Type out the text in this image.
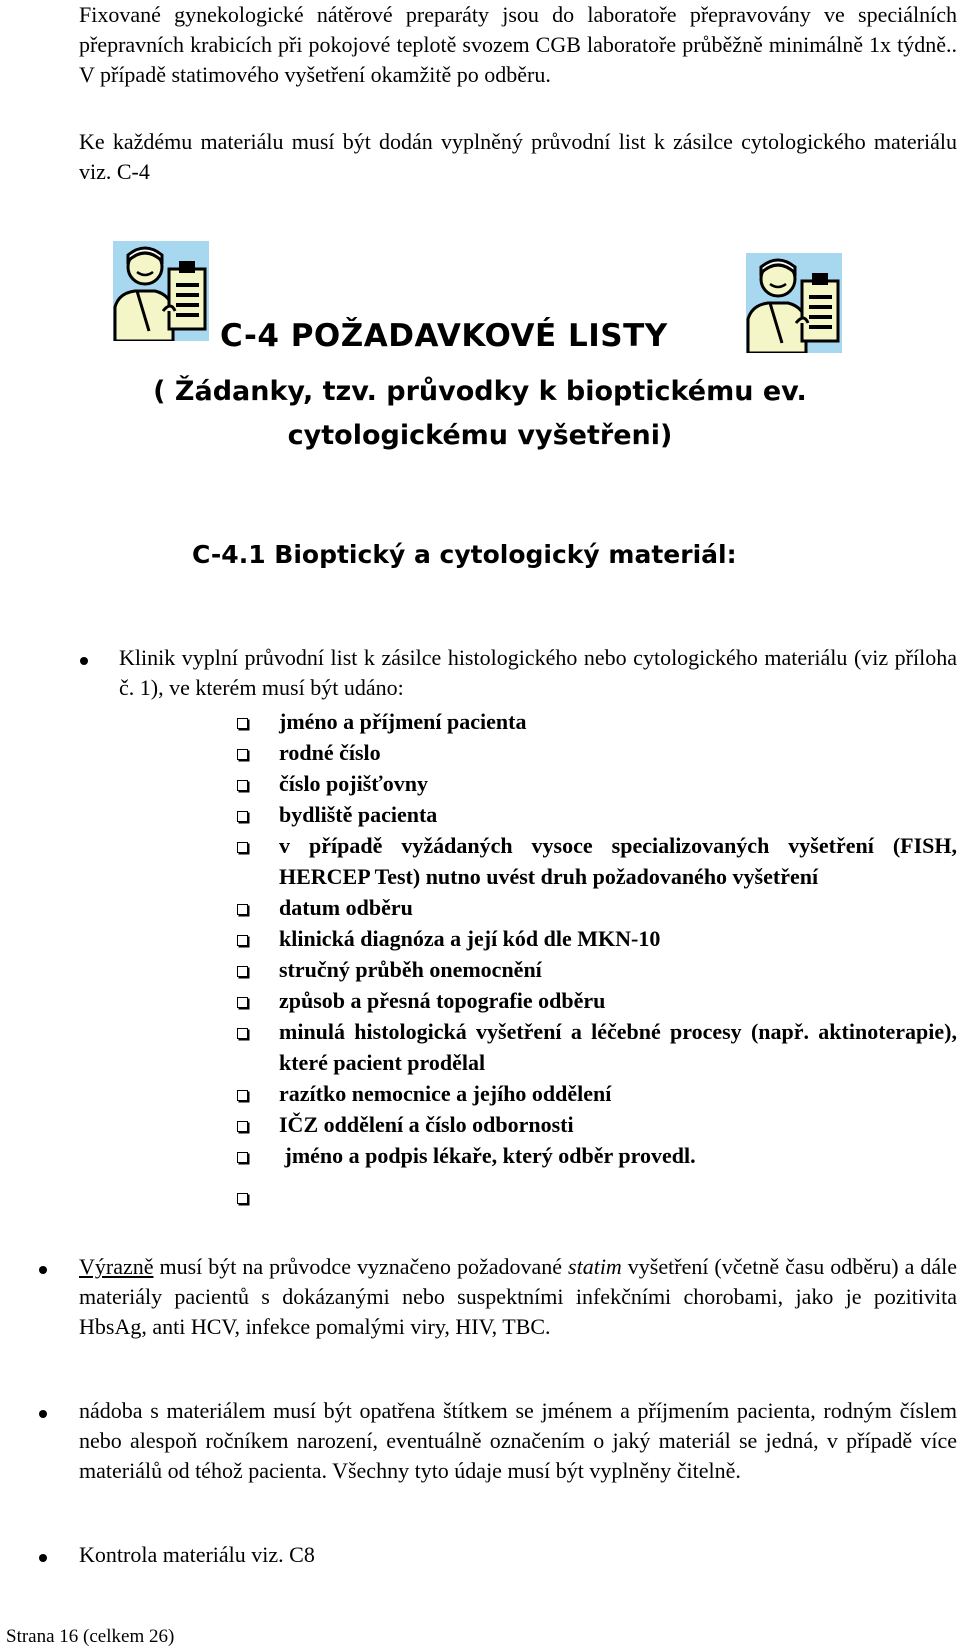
Fixované gynekologické nátěrové preparáty jsou do laboratoře přepravovány ve speciálních přepravních krabicích při pokojové teplotě svozem CGB laboratoře průběžně minimálně 1x týdně.. V případě statimového vyšetření okamžitě po odběru.

Ke každému materiálu musí být dodán vyplněný průvodní list k zásilce cytologického materiálu viz. C-4

C-4 POŽADAVKOVÉ LISTY
( Žádanky, tzv. průvodky k bioptickému ev. cytologickému vyšetřeni)
C-4.1 Bioptický a cytologický materiál:

Klinik vyplní průvodní list k zásilce histologického nebo cytologického materiálu (viz příloha č. 1), ve kterém musí být udáno:

jméno a příjmení pacienta
rodné číslo
číslo pojišťovny
bydliště pacienta
v případě vyžádaných vysoce specializovaných vyšetření (FISH, HERCEP Test) nutno uvést druh požadovaného vyšetření
datum odběru
klinická diagnóza a její kód dle MKN-10
stručný průběh onemocnění
způsob a přesná topografie odběru
minulá histologická vyšetření a léčebné procesy (např. aktinoterapie), které pacient prodělal
razítko nemocnice a jejího oddělení
IČZ oddělení a číslo odbornosti
jméno a podpis lékaře, který odběr provedl.

Výrazně musí být na průvodce vyznačeno požadované statim vyšetření (včetně času odběru) a dále materiály pacientů s dokázanými nebo suspektními infekčními chorobami, jako je pozitivita HbsAg, anti HCV, infekce pomalými viry, HIV, TBC.

nádoba s materiálem musí být opatřena štítkem se jménem a příjmením pacienta, rodným číslem nebo alespoň ročníkem narození, eventuálně označením o jaký materiál se jedná, v případě více materiálů od téhož pacienta. Všechny tyto údaje musí být vyplněny čitelně.

Kontrola materiálu viz. C8

Strana 16 (celkem 26)
